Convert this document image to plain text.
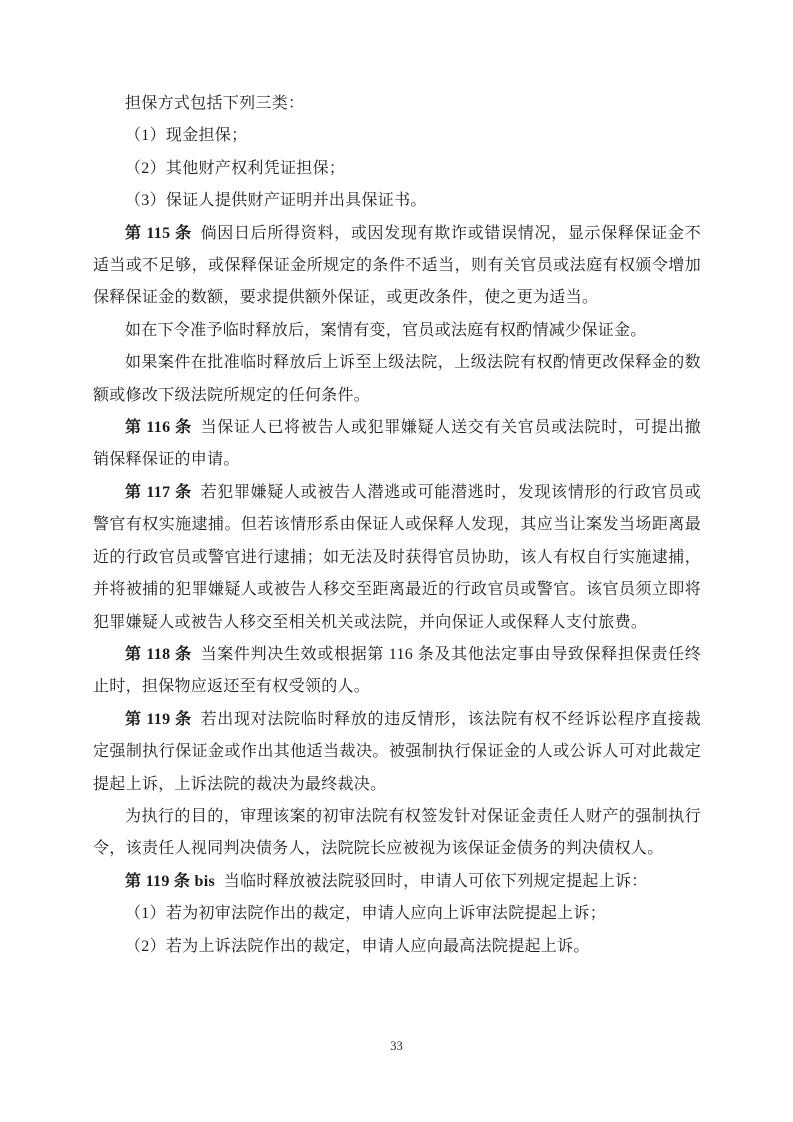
担保方式包括下列三类：

（1）现金担保；

（2）其他财产权利凭证担保；

（3）保证人提供财产证明并出具保证书。

第 115 条 倘因日后所得资料，或因发现有欺诈或错误情况，显示保释保证金不适当或不足够，或保释保证金所规定的条件不适当，则有关官员或法庭有权颁令增加保释保证金的数额，要求提供额外保证，或更改条件，使之更为适当。

如在下令准予临时释放后，案情有变，官员或法庭有权酌情减少保证金。

如果案件在批准临时释放后上诉至上级法院，上级法院有权酌情更改保释金的数额或修改下级法院所规定的任何条件。

第 116 条 当保证人已将被告人或犯罪嫌疑人送交有关官员或法院时，可提出撤销保释保证的申请。

第 117 条 若犯罪嫌疑人或被告人潜逃或可能潜逃时，发现该情形的行政官员或警官有权实施逮捕。但若该情形系由保证人或保释人发现，其应当让案发当场距离最近的行政官员或警官进行逮捕；如无法及时获得官员协助，该人有权自行实施逮捕，并将被捕的犯罪嫌疑人或被告人移交至距离最近的行政官员或警官。该官员须立即将犯罪嫌疑人或被告人移交至相关机关或法院，并向保证人或保释人支付旅费。

第 118 条 当案件判决生效或根据第 116 条及其他法定事由导致保释担保责任终止时，担保物应返还至有权受领的人。

第 119 条 若出现对法院临时释放的违反情形，该法院有权不经诉讼程序直接裁定强制执行保证金或作出其他适当裁决。被强制执行保证金的人或公诉人可对此裁定提起上诉，上诉法院的裁决为最终裁决。

为执行的目的，审理该案的初审法院有权签发针对保证金责任人财产的强制执行令，该责任人视同判决债务人，法院院长应被视为该保证金债务的判决债权人。

第 119 条 bis 当临时释放被法院驳回时，申请人可依下列规定提起上诉：

（1）若为初审法院作出的裁定，申请人应向上诉审法院提起上诉；

（2）若为上诉法院作出的裁定，申请人应向最高法院提起上诉。

33
